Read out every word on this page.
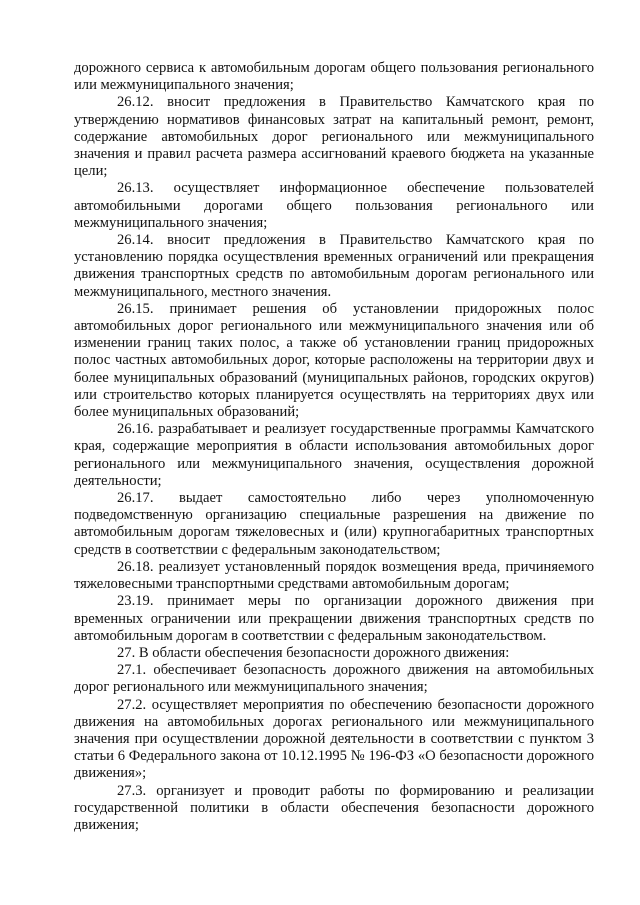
дорожного сервиса к автомобильным дорогам общего пользования регионального или межмуниципального значения;

26.12. вносит предложения в Правительство Камчатского края по утверждению нормативов финансовых затрат на капитальный ремонт, ремонт, содержание автомобильных дорог регионального или межмуниципального значения и правил расчета размера ассигнований краевого бюджета на указанные цели;

26.13. осуществляет информационное обеспечение пользователей автомобильными дорогами общего пользования регионального или межмуниципального значения;

26.14. вносит предложения в Правительство Камчатского края по установлению порядка осуществления временных ограничений или прекращения движения транспортных средств по автомобильным дорогам регионального или межмуниципального, местного значения.

26.15. принимает решения об установлении придорожных полос автомобильных дорог регионального или межмуниципального значения или об изменении границ таких полос, а также об установлении границ придорожных полос частных автомобильных дорог, которые расположены на территории двух и более муниципальных образований (муниципальных районов, городских округов) или строительство которых планируется осуществлять на территориях двух или более муниципальных образований;

26.16. разрабатывает и реализует государственные программы Камчатского края, содержащие мероприятия в области использования автомобильных дорог регионального или межмуниципального значения, осуществления дорожной деятельности;

26.17. выдает самостоятельно либо через уполномоченную подведомственную организацию специальные разрешения на движение по автомобильным дорогам тяжеловесных и (или) крупногабаритных транспортных средств в соответствии с федеральным законодательством;

26.18. реализует установленный порядок возмещения вреда, причиняемого тяжеловесными транспортными средствами автомобильным дорогам;

23.19. принимает меры по организации дорожного движения при временных ограничении или прекращении движения транспортных средств по автомобильным дорогам в соответствии с федеральным законодательством.

27. В области обеспечения безопасности дорожного движения:

27.1. обеспечивает безопасность дорожного движения на автомобильных дорог регионального или межмуниципального значения;

27.2. осуществляет мероприятия по обеспечению безопасности дорожного движения на автомобильных дорогах регионального или межмуниципального значения при осуществлении дорожной деятельности в соответствии с пунктом 3 статьи 6 Федерального закона от 10.12.1995 № 196-ФЗ «О безопасности дорожного движения»;

27.3. организует и проводит работы по формированию и реализации государственной политики в области обеспечения безопасности дорожного движения;
